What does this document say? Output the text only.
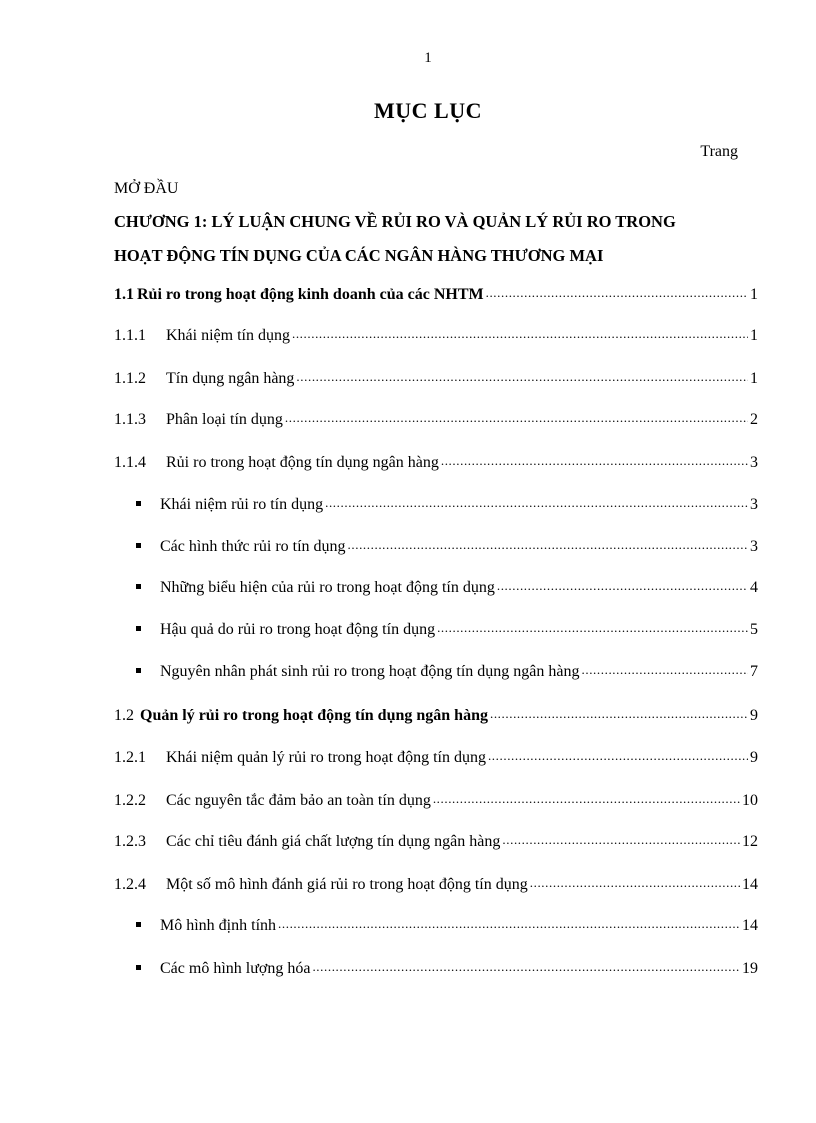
1
MỤC LỤC
Trang
MỞ ĐẦU
CHƯƠNG 1: LÝ LUẬN CHUNG VỀ RỦI RO VÀ QUẢN LÝ RỦI RO TRONG
HOẠT ĐỘNG TÍN DỤNG CỦA CÁC NGÂN HÀNG THƯƠNG MẠI
1.1 Rủi ro trong hoạt động kinh doanh của các NHTM .....	1
1.1.1	Khái niệm tín dụng .....	1
1.1.2	Tín dụng ngân hàng .....	1
1.1.3	Phân loại tín dụng .....	2
1.1.4	Rủi ro trong hoạt động tín dụng ngân hàng .....	3
Khái niệm rủi ro tín dụng .....	3
Các hình thức rủi ro tín dụng .....	3
Những biểu hiện của rủi ro trong hoạt động tín dụng .....	4
Hậu quả do rủi ro trong hoạt động tín dụng .....	5
Nguyên nhân phát sinh rủi ro trong hoạt động tín dụng ngân hàng .....	7
1.2 Quản lý rủi ro trong hoạt động tín dụng ngân hàng .....	9
1.2.1	Khái niệm quản lý rủi ro trong hoạt động tín dụng .....	9
1.2.2	Các nguyên tắc đảm bảo an toàn tín dụng .....	10
1.2.3	Các chỉ tiêu đánh giá chất lượng tín dụng ngân hàng .....	12
1.2.4	Một số mô hình đánh giá rủi ro trong hoạt động tín dụng .....	14
Mô hình định tính .....	14
Các mô hình lượng hóa .....	19
